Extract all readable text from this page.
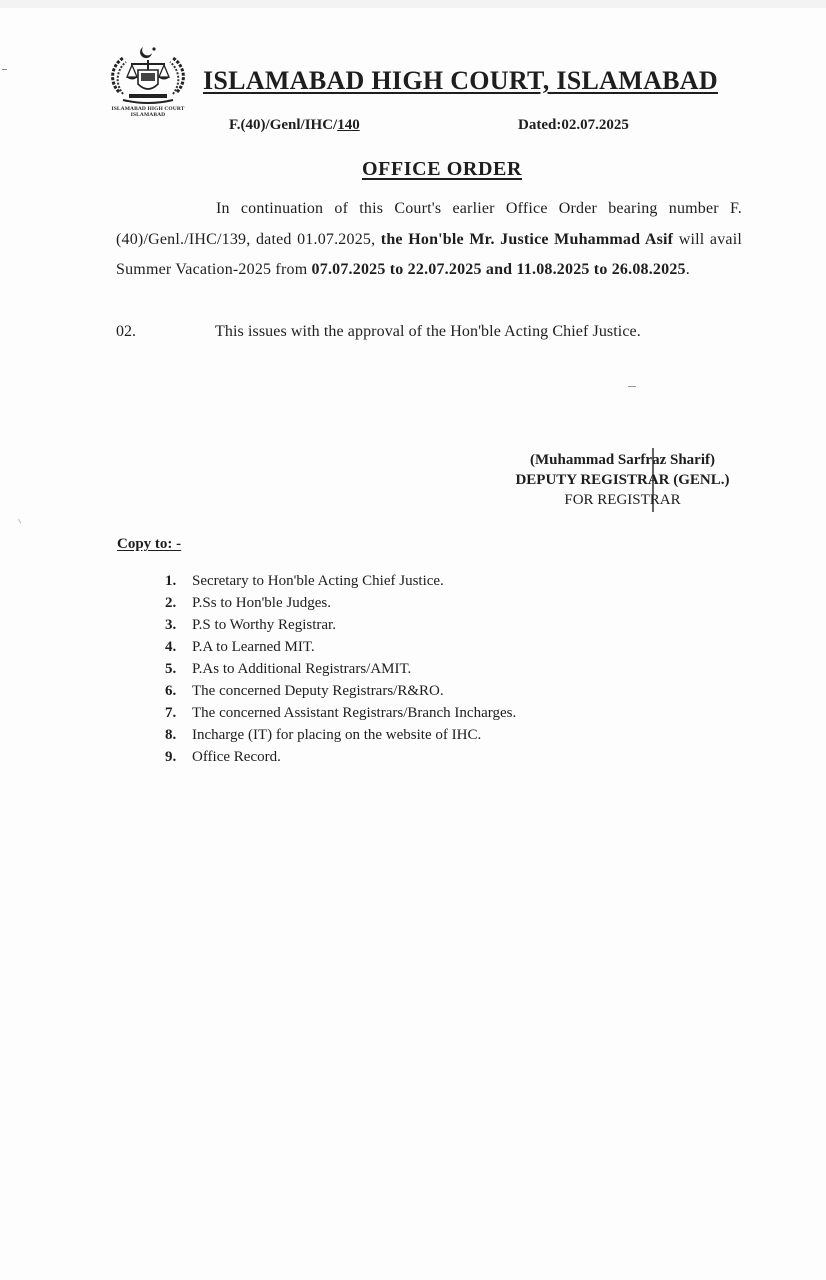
ISLAMABAD HIGH COURT
ISLAMABAD
ISLAMABAD HIGH COURT, ISLAMABAD
F.(40)/Genl/IHC/140	Dated:02.07.2025
OFFICE ORDER

In continuation of this Court's earlier Office Order bearing number F.(40)/Genl./IHC/139, dated 01.07.2025, the Hon'ble Mr. Justice Muhammad Asif will avail Summer Vacation-2025 from 07.07.2025 to 22.07.2025 and 11.08.2025 to 26.08.2025.

02.	This issues with the approval of the Hon'ble Acting Chief Justice.
(Muhammad Sarfraz Sharif)
DEPUTY REGISTRAR (GENL.)
FOR REGISTRAR
Copy to: -
1. Secretary to Hon'ble Acting Chief Justice.
2. P.Ss to Hon'ble Judges.
3. P.S to Worthy Registrar.
4. P.A to Learned MIT.
5. P.As to Additional Registrars/AMIT.
6. The concerned Deputy Registrars/R&RO.
7. The concerned Assistant Registrars/Branch Incharges.
8. Incharge (IT) for placing on the website of IHC.
9. Office Record.
